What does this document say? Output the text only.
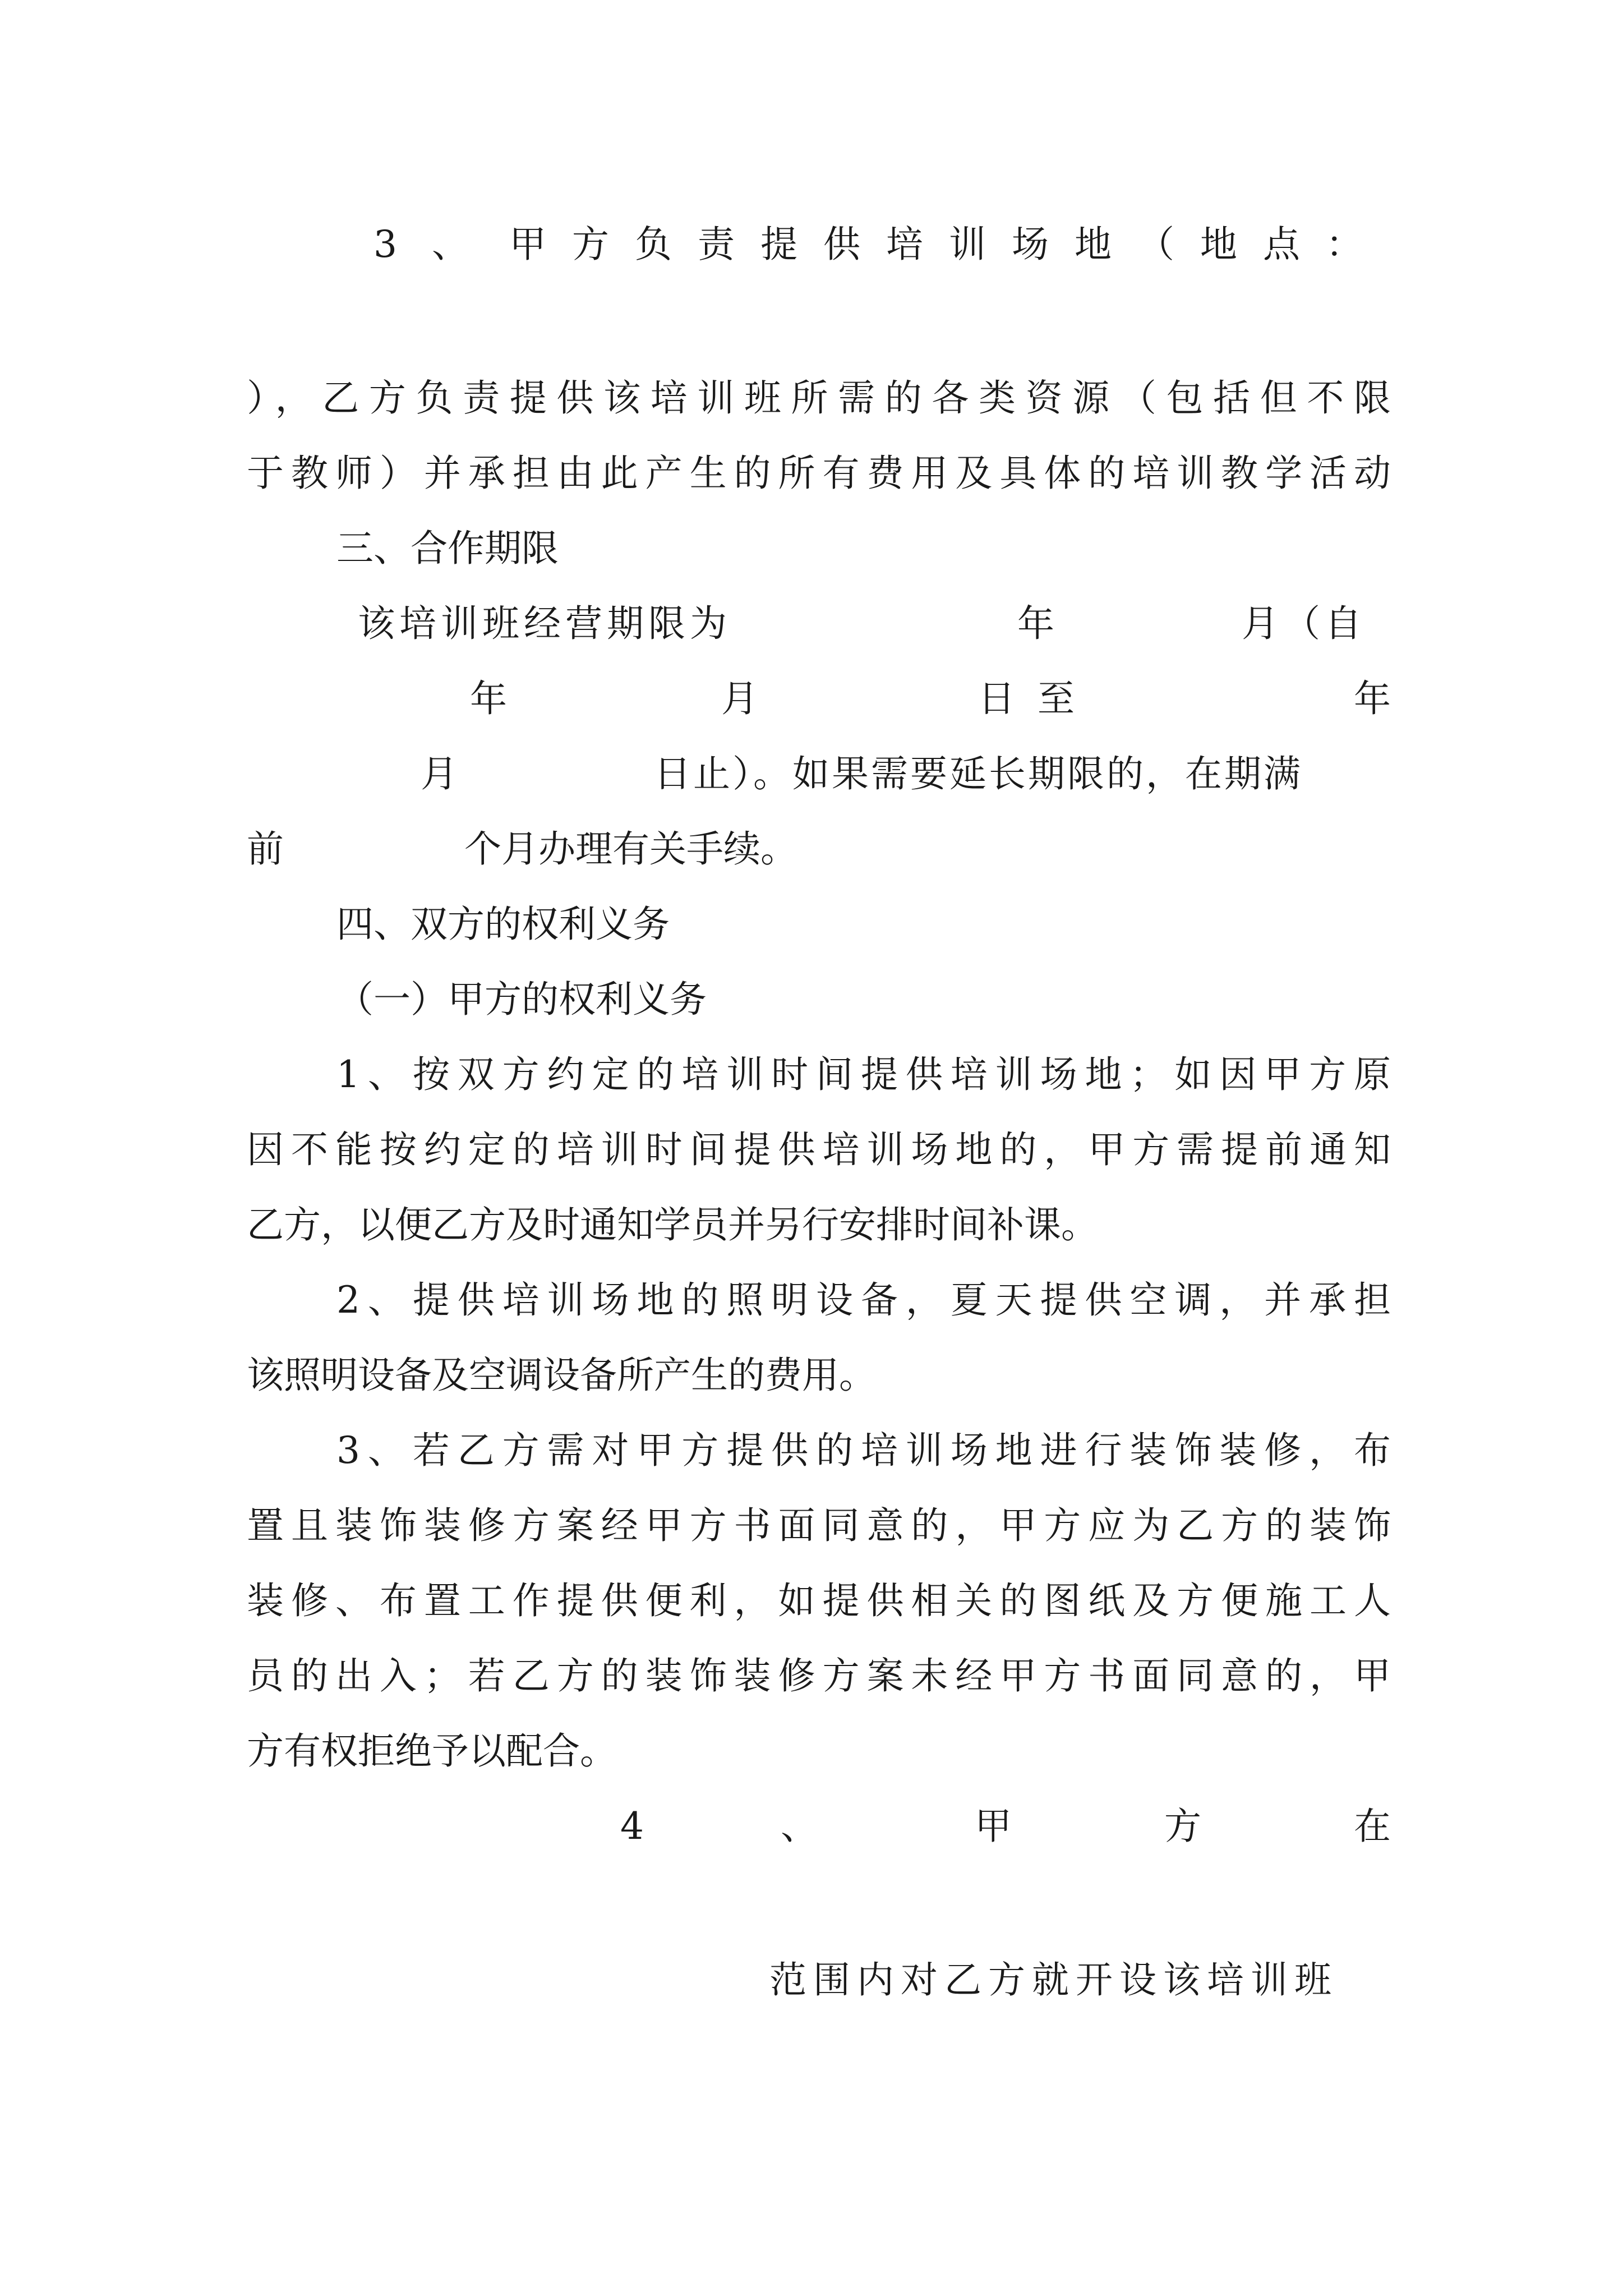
3 、 甲方负责提供培训场地（地点：
），乙方负责提供该培训班所需的各类资源（包括但不限
于教师）并承担由此产生的所有费用及具体的培训教学活动
三、合作期限
该培训班经营期限为	年	月（自
年	月	日至	年
月	日止）。如果需要延长期限的，在期满
前	个月办理有关手续。
四、双方的权利义务
（一）甲方的权利义务
1、按双方约定的培训时间提供培训场地；如因甲方原
因不能按约定的培训时间提供培训场地的，甲方需提前通知
乙方，以便乙方及时通知学员并另行安排时间补课。
2、提供培训场地的照明设备，夏天提供空调，并承担
该照明设备及空调设备所产生的费用。
3、若乙方需对甲方提供的培训场地进行装饰装修，布
置且装饰装修方案经甲方书面同意的，甲方应为乙方的装饰
装修、布置工作提供便利，如提供相关的图纸及方便施工人
员的出入；若乙方的装饰装修方案未经甲方书面同意的，甲
方有权拒绝予以配合。
4	、	甲	方	在
范围内对乙方就开设该培训班
